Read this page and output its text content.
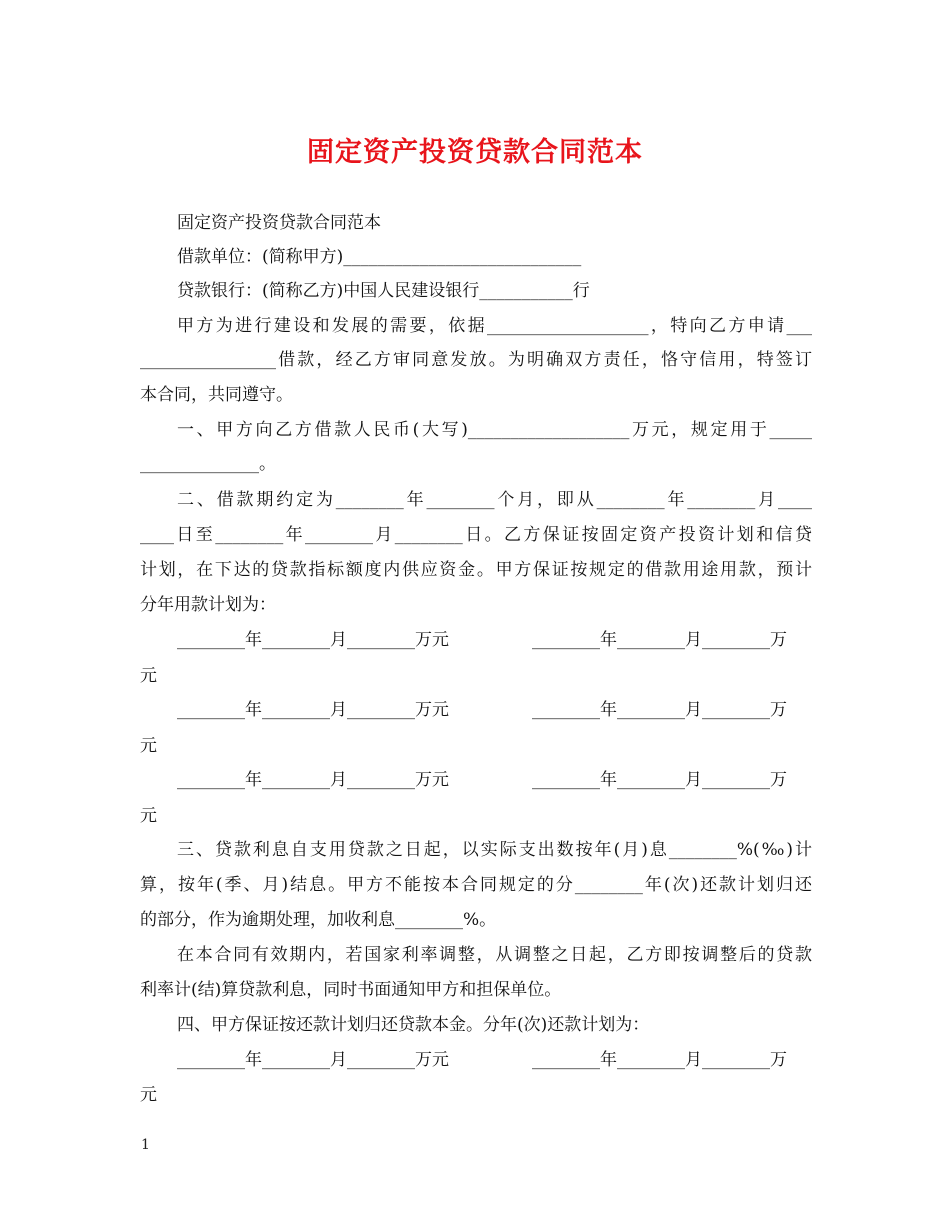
固定资产投资贷款合同范本
固定资产投资贷款合同范本
借款单位：(简称甲方)____________________________
贷款银行：(简称乙方)中国人民建设银行___________行
甲方为进行建设和发展的需要，依据___________________，特向乙方申请___
________________借款，经乙方审同意发放。为明确双方责任，恪守信用，特签订
本合同，共同遵守。
一、甲方向乙方借款人民币(大写)___________________万元，规定用于_____
______________。
二、借款期约定为________年________个月，即从________年________月____
____日至________年________月________日。乙方保证按固定资产投资计划和信贷
计划，在下达的贷款指标额度内供应资金。甲方保证按规定的借款用途用款，预计
分年用款计划为：
________年________月________万元	________年________月________万
元
________年________月________万元	________年________月________万
元
________年________月________万元	________年________月________万
元
三、贷款利息自支用贷款之日起，以实际支出数按年(月)息________%(‰)计
算，按年(季、月)结息。甲方不能按本合同规定的分________年(次)还款计划归还
的部分，作为逾期处理，加收利息________%。
在本合同有效期内，若国家利率调整，从调整之日起，乙方即按调整后的贷款
利率计(结)算贷款利息，同时书面通知甲方和担保单位。
四、甲方保证按还款计划归还贷款本金。分年(次)还款计划为：
________年________月________万元	________年________月________万
元
1
